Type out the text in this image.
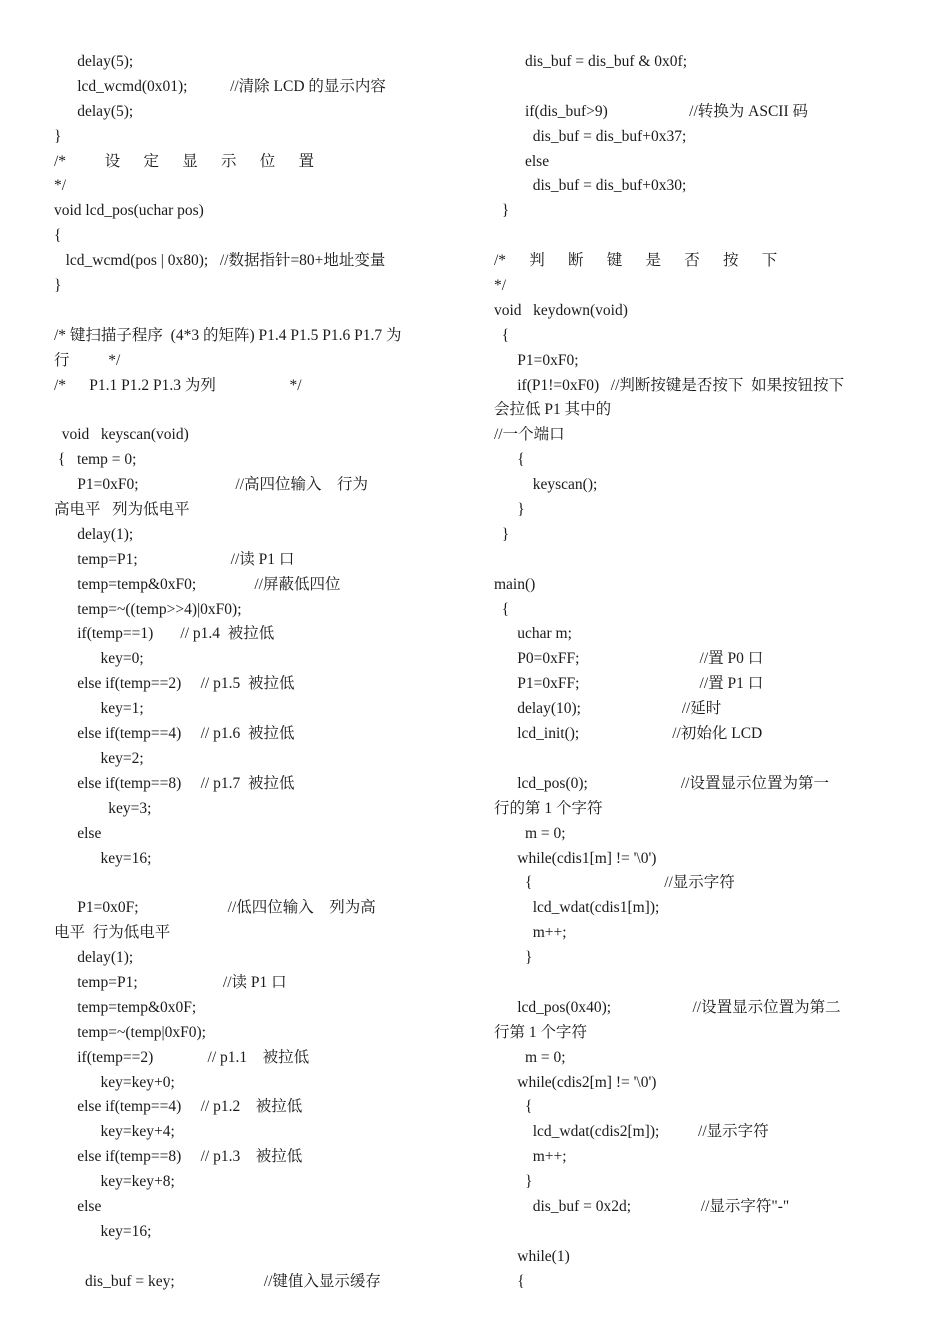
delay(5);
lcd_wcmd(0x01);           //清除 LCD 的显示内容
delay(5);
}
/*          设      定      显      示      位      置
*/
void lcd_pos(uchar pos)
{
lcd_wcmd(pos | 0x80);   //数据指针=80+地址变量
}
/* 键扫描子程序  (4*3 的矩阵) P1.4 P1.5 P1.6 P1.7 为
行          */
/*      P1.1 P1.2 P1.3 为列                   */
void   keyscan(void)
{   temp = 0;
P1=0xF0;                         //高四位输入    行为
高电平   列为低电平
delay(1);
temp=P1;                        //读 P1 口
temp=temp&0xF0;               //屏蔽低四位
temp=~((temp>>4)|0xF0);
if(temp==1)       // p1.4  被拉低
key=0;
else if(temp==2)     // p1.5  被拉低
key=1;
else if(temp==4)     // p1.6  被拉低
key=2;
else if(temp==8)     // p1.7  被拉低
key=3;
else
key=16;
P1=0x0F;                       //低四位输入    列为高
电平  行为低电平
delay(1);
temp=P1;                      //读 P1 口
temp=temp&0x0F;
temp=~(temp|0xF0);
if(temp==2)              // p1.1    被拉低
key=key+0;
else if(temp==4)     // p1.2    被拉低
key=key+4;
else if(temp==8)     // p1.3    被拉低
key=key+8;
else
key=16;
dis_buf = key;                       //键值入显示缓存
dis_buf = dis_buf & 0x0f;
if(dis_buf>9)                     //转换为 ASCII 码
dis_buf = dis_buf+0x37;
else
dis_buf = dis_buf+0x30;
}
/*      判      断      键      是      否      按      下
*/
void   keydown(void)
{
P1=0xF0;
if(P1!=0xF0)   //判断按键是否按下  如果按钮按下
会拉低 P1 其中的
//一个端口
{
keyscan();
}
}
main()
{
uchar m;
P0=0xFF;                               //置 P0 口
P1=0xFF;                               //置 P1 口
delay(10);                          //延时
lcd_init();                        //初始化 LCD
lcd_pos(0);                        //设置显示位置为第一
行的第 1 个字符
m = 0;
while(cdis1[m] != '\0')
{                                  //显示字符
lcd_wdat(cdis1[m]);
m++;
}
lcd_pos(0x40);                     //设置显示位置为第二
行第 1 个字符
m = 0;
while(cdis2[m] != '\0')
{
lcd_wdat(cdis2[m]);          //显示字符
m++;
}
dis_buf = 0x2d;                  //显示字符"-"
while(1)
{
